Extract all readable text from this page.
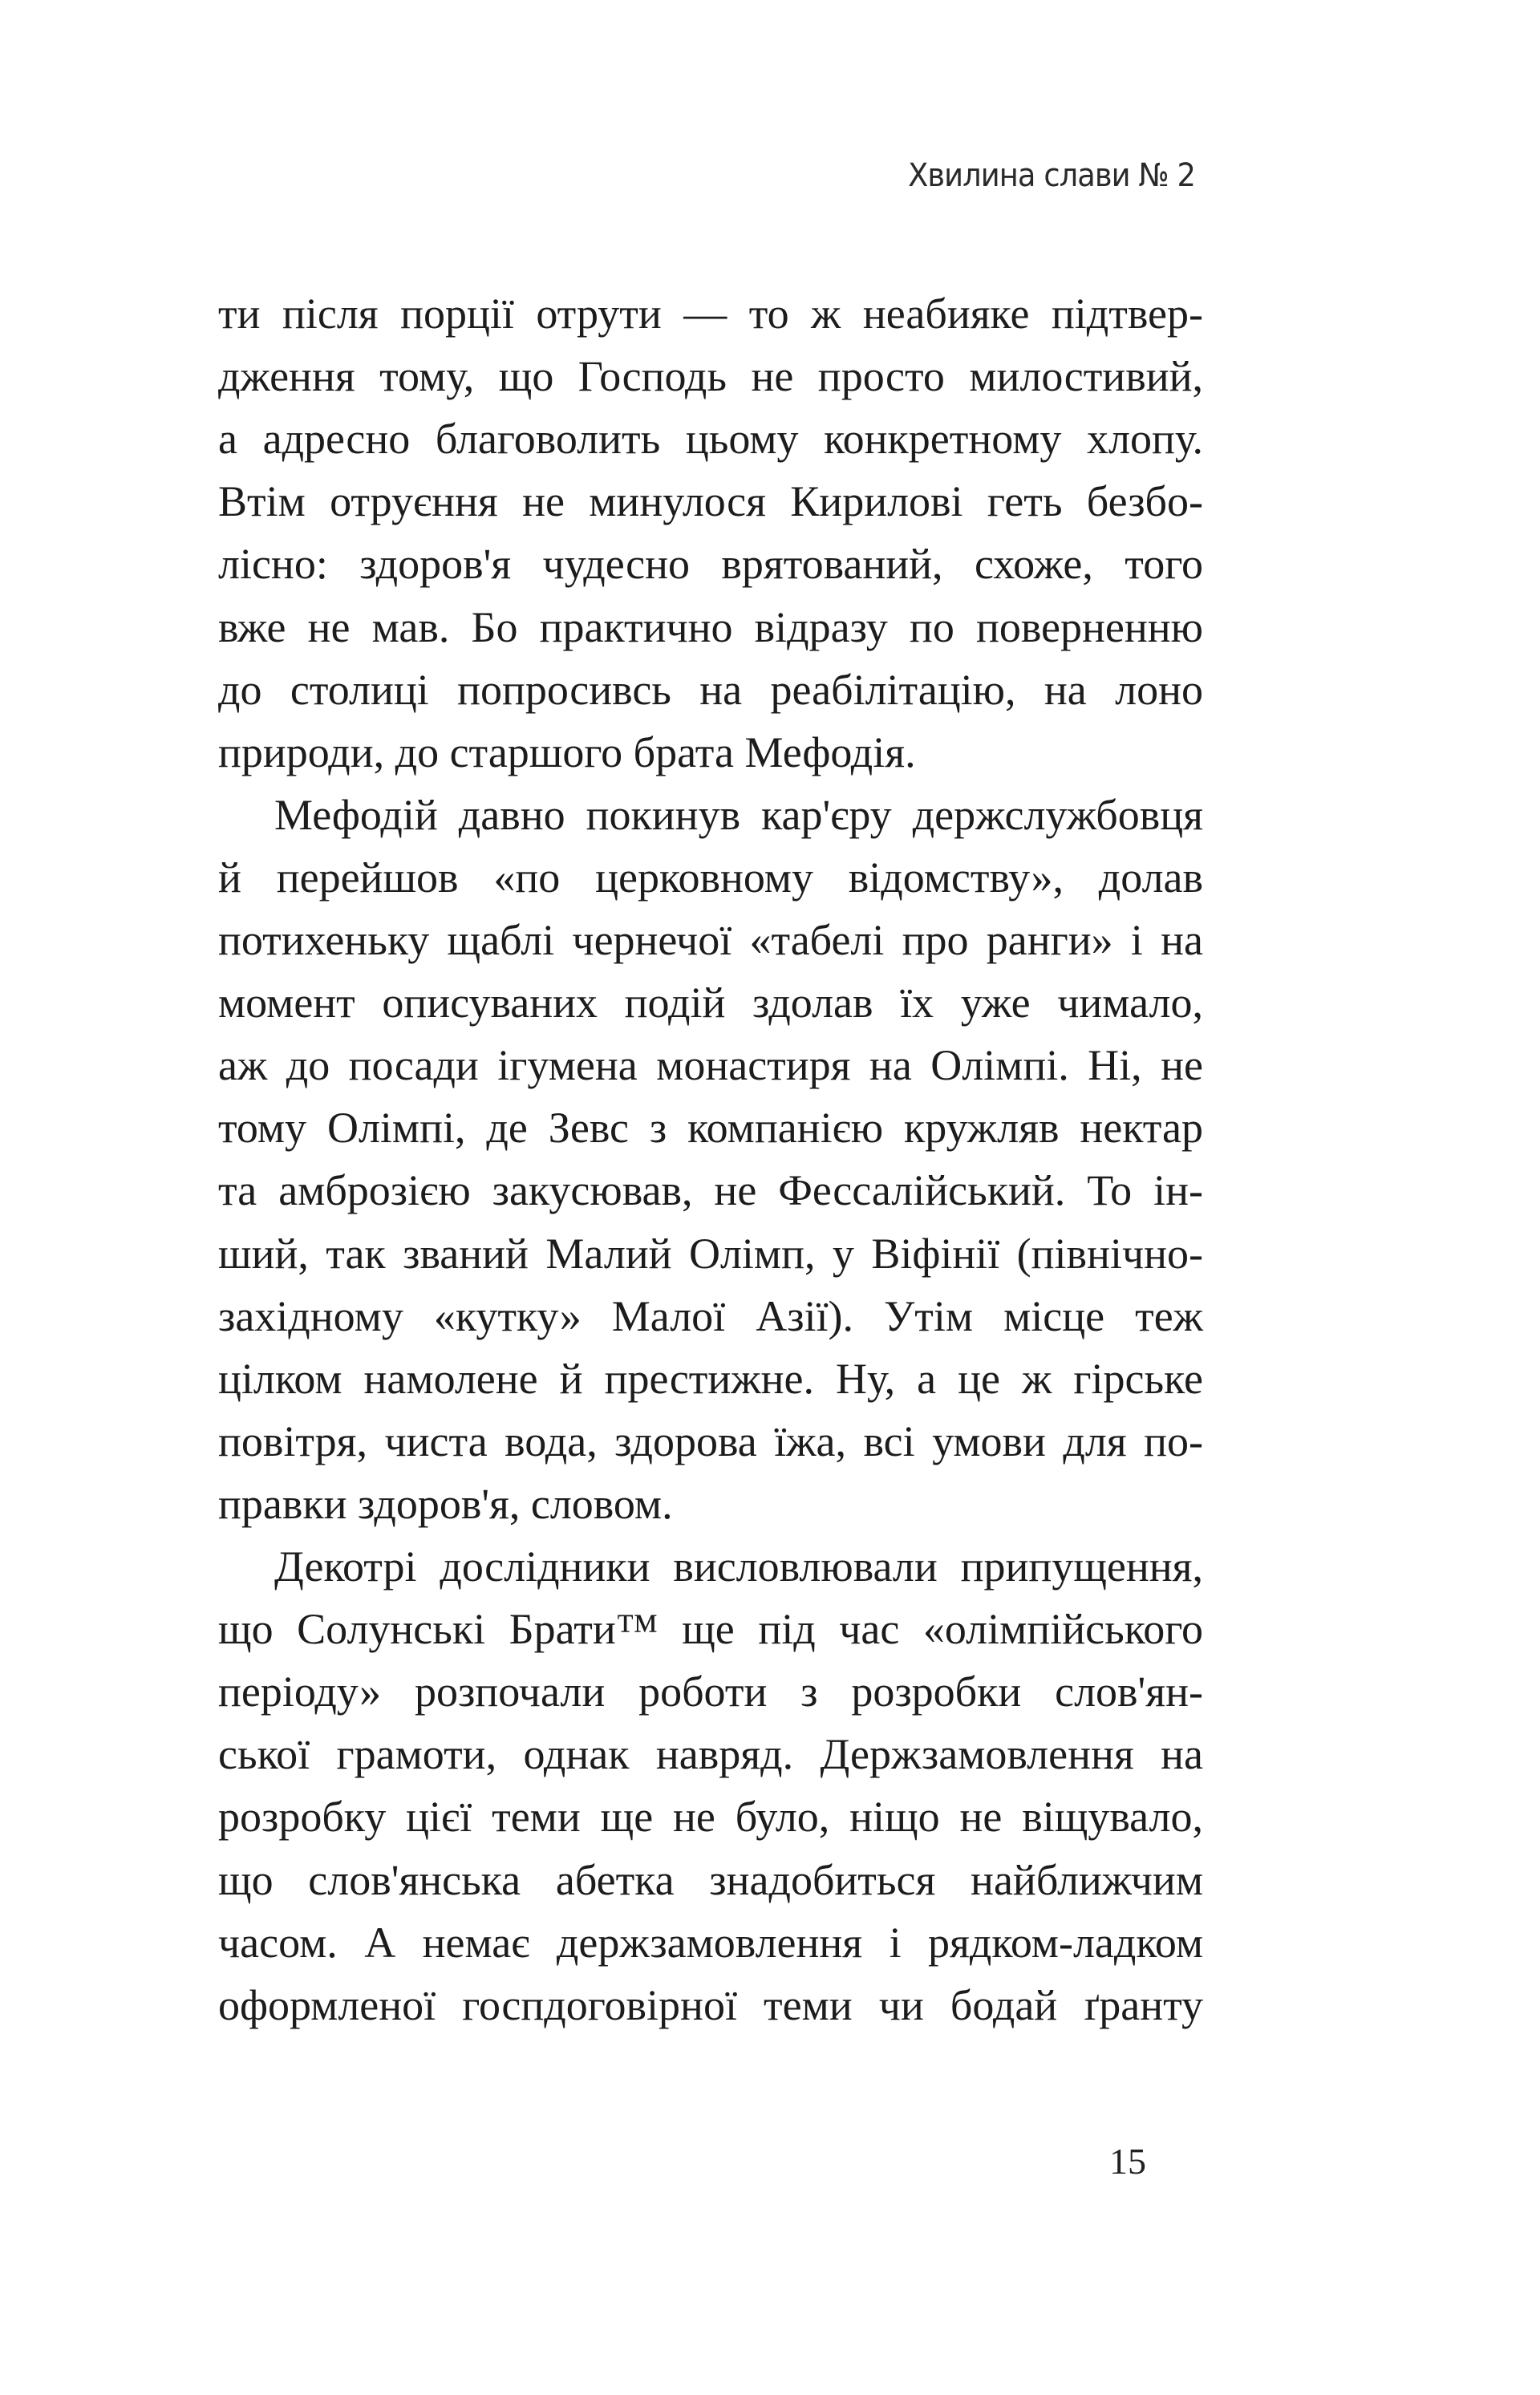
Хвилина слави № 2
ти після порції отрути — то ж неабияке підтвер-
дження тому, що Господь не просто милостивий,
а адресно благоволить цьому конкретному хлопу.
Втім отруєння не минулося Кирилові геть безбо-
лісно: здоров'я чудесно врятований, схоже, того
вже не мав. Бо практично відразу по поверненню
до столиці попросивсь на реабілітацію, на лоно
природи, до старшого брата Мефодія.
Мефодій давно покинув кар'єру держслужбовця
й перейшов «по церковному відомству», долав
потихеньку щаблі чернечої «табелі про ранги» і на
момент описуваних подій здолав їх уже чимало,
аж до посади ігумена монастиря на Олімпі. Ні, не
тому Олімпі, де Зевс з компанією кружляв нектар
та амброзією закусював, не Фессалійський. То ін-
ший, так званий Малий Олімп, у Віфінії (північно-
західному «кутку» Малої Азії). Утім місце теж
цілком намолене й престижне. Ну, а це ж гірське
повітря, чиста вода, здорова їжа, всі умови для по-
правки здоров'я, словом.
Декотрі дослідники висловлювали припущення,
що Солунські Брати™ ще під час «олімпійського
періоду» розпочали роботи з розробки слов'ян-
ської грамоти, однак навряд. Держзамовлення на
розробку цієї теми ще не було, ніщо не віщувало,
що слов'янська абетка знадобиться найближчим
часом. А немає держзамовлення і рядком-ладком
оформленої госпдоговірної теми чи бодай ґранту
15
